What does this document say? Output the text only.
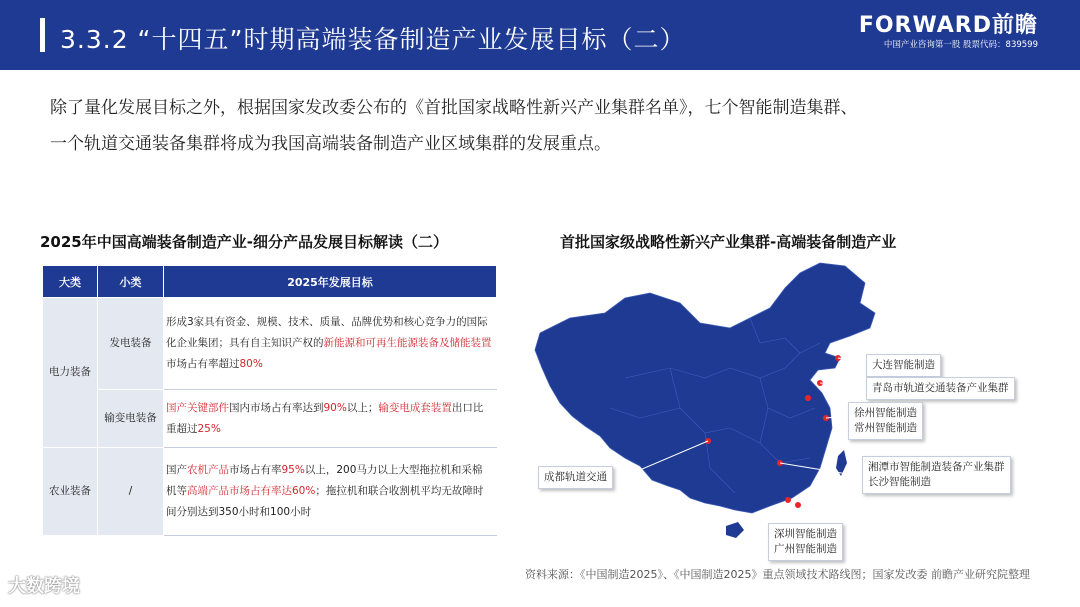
3.3.2 “十四五”时期高端装备制造产业发展目标（二）	FORWARD前瞻
中国产业咨询第一股 股票代码：839599
除了量化发展目标之外，根据国家发改委公布的《首批国家战略性新兴产业集群名单》，七个智能制造集群、
一个轨道交通装备集群将成为我国高端装备制造产业区域集群的发展重点。
2025年中国高端装备制造产业-细分产品发展目标解读（二）	首批国家级战略性新兴产业集群-高端装备制造产业
大类	小类	2025年发展目标
电力装备	发电装备	形成3家具有资金、规模、技术、质量、品牌优势和核心竞争力的国际化企业集团；具有自主知识产权的新能源和可再生能源装备及储能装置市场占有率超过80%
	输变电装备	国产关键部件国内市场占有率达到90%以上；输变电成套装置出口比重超过25%
农业装备	/	国产农机产品市场占有率95%以上，200马力以上大型拖拉机和采棉机等高端产品市场占有率达60%；拖拉机和联合收割机平均无故障时间分别达到350小时和100小时
大连智能制造
青岛市轨道交通装备产业集群
徐州智能制造
常州智能制造
湘潭市智能制造装备产业集群
长沙智能制造
成都轨道交通
深圳智能制造
广州智能制造
资料来源：《中国制造2025》、《中国制造2025》重点领域技术路线图；国家发改委 前瞻产业研究院整理
大数跨境
